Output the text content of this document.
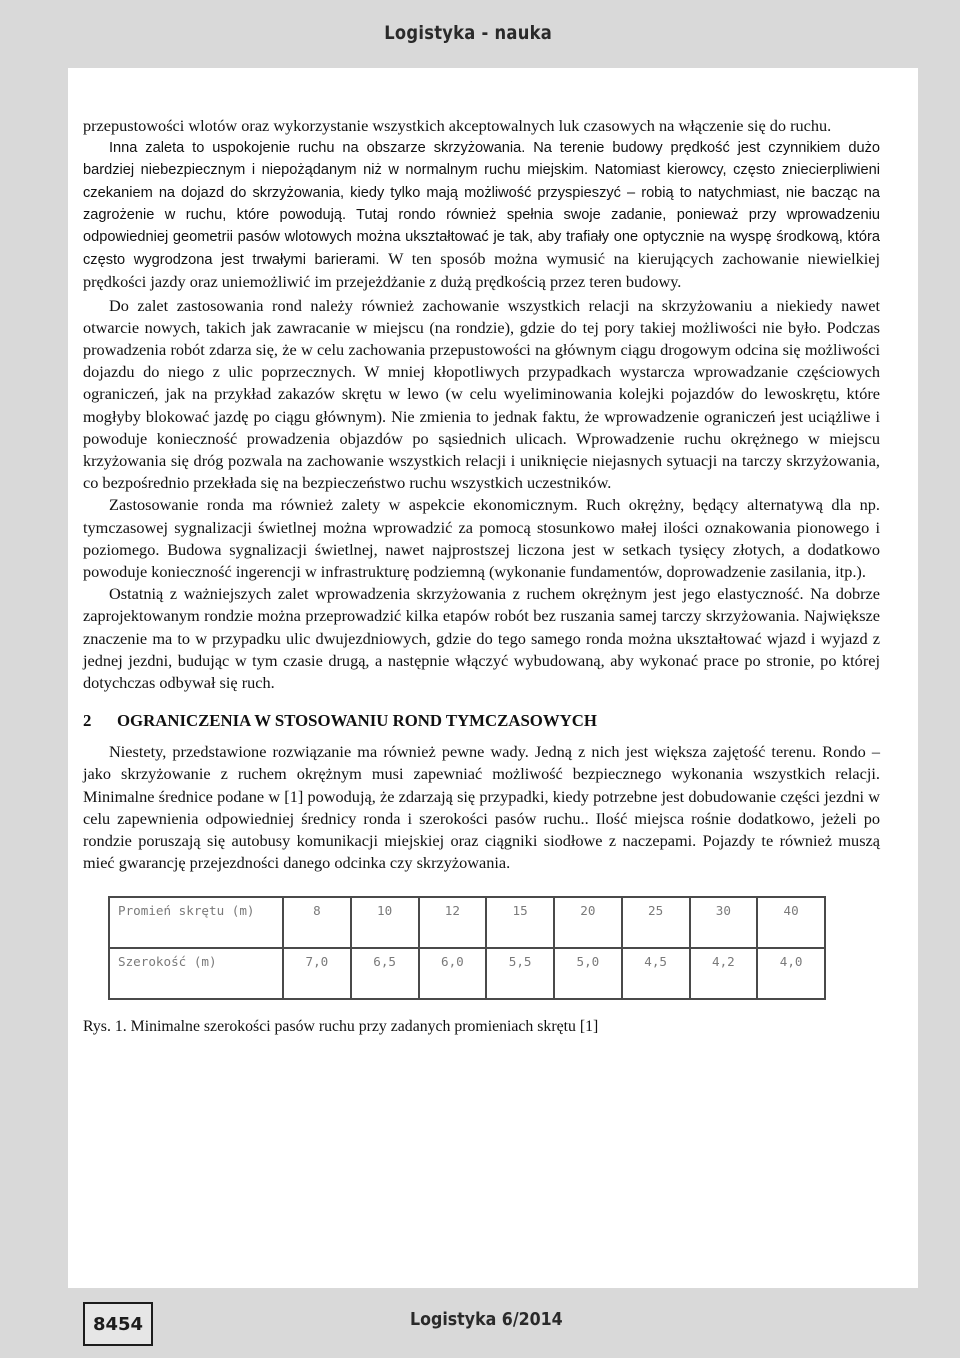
Logistyka - nauka

przepustowości wlotów oraz wykorzystanie wszystkich akceptowalnych luk czasowych na włączenie się do ruchu.

Inna zaleta to uspokojenie ruchu na obszarze skrzyżowania. Na terenie budowy prędkość jest czynnikiem dużo bardziej niebezpiecznym i niepożądanym niż w normalnym ruchu miejskim. Natomiast kierowcy, często zniecierpliwieni czekaniem na dojazd do skrzyżowania, kiedy tylko mają możliwość przyspieszyć – robią to natychmiast, nie bacząc na zagrożenie w ruchu, które powodują. Tutaj rondo również spełnia swoje zadanie, ponieważ przy wprowadzeniu odpowiedniej geometrii pasów wlotowych można ukształtować je tak, aby trafiały one optycznie na wyspę środkową, która często wygrodzona jest trwałymi barierami. W ten sposób można wymusić na kierujących zachowanie niewielkiej prędkości jazdy oraz uniemożliwić im przejeżdżanie z dużą prędkością przez teren budowy.

Do zalet zastosowania rond należy również zachowanie wszystkich relacji na skrzyżowaniu a niekiedy nawet otwarcie nowych, takich jak zawracanie w miejscu (na rondzie), gdzie do tej pory takiej możliwości nie było. Podczas prowadzenia robót zdarza się, że w celu zachowania przepustowości na głównym ciągu drogowym odcina się możliwości dojazdu do niego z ulic poprzecznych. W mniej kłopotliwych przypadkach wystarcza wprowadzanie częściowych ograniczeń, jak na przykład zakazów skrętu w lewo (w celu wyeliminowania kolejki pojazdów do lewoskrętu, które mogłyby blokować jazdę po ciągu głównym). Nie zmienia to jednak faktu, że wprowadzenie ograniczeń jest uciążliwe i powoduje konieczność prowadzenia objazdów po sąsiednich ulicach. Wprowadzenie ruchu okrężnego w miejscu krzyżowania się dróg pozwala na zachowanie wszystkich relacji i uniknięcie niejasnych sytuacji na tarczy skrzyżowania, co bezpośrednio przekłada się na bezpieczeństwo ruchu wszystkich uczestników.

Zastosowanie ronda ma również zalety w aspekcie ekonomicznym. Ruch okrężny, będący alternatywą dla np. tymczasowej sygnalizacji świetlnej można wprowadzić za pomocą stosunkowo małej ilości oznakowania pionowego i poziomego. Budowa sygnalizacji świetlnej, nawet najprostszej liczona jest w setkach tysięcy złotych, a dodatkowo powoduje konieczność ingerencji w infrastrukturę podziemną (wykonanie fundamentów, doprowadzenie zasilania, itp.).

Ostatnią z ważniejszych zalet wprowadzenia skrzyżowania z ruchem okrężnym jest jego elastyczność. Na dobrze zaprojektowanym rondzie można przeprowadzić kilka etapów robót bez ruszania samej tarczy skrzyżowania. Największe znaczenie ma to w przypadku ulic dwujezdniowych, gdzie do tego samego ronda można ukształtować wjazd i wyjazd z jednej jezdni, budując w tym czasie drugą, a następnie włączyć wybudowaną, aby wykonać prace po stronie, po której dotychczas odbywał się ruch.

2	OGRANICZENIA W STOSOWANIU ROND TYMCZASOWYCH

Niestety, przedstawione rozwiązanie ma również pewne wady. Jedną z nich jest większa zajętość terenu. Rondo – jako skrzyżowanie z ruchem okrężnym musi zapewniać możliwość bezpiecznego wykonania wszystkich relacji. Minimalne średnice podane w [1] powodują, że zdarzają się przypadki, kiedy potrzebne jest dobudowanie części jezdni w celu zapewnienia odpowiedniej średnicy ronda i szerokości pasów ruchu.. Ilość miejsca rośnie dodatkowo, jeżeli po rondzie poruszają się autobusy komunikacji miejskiej oraz ciągniki siodłowe z naczepami. Pojazdy te również muszą mieć gwarancję przejezdności danego odcinka czy skrzyżowania.

Promień skrętu (m)	8	10	12	15	20	25	30	40
Szerokość (m)	7,0	6,5	6,0	5,5	5,0	4,5	4,2	4,0

Rys. 1. Minimalne szerokości pasów ruchu przy zadanych promieniach skrętu [1]

8454	Logistyka 6/2014
